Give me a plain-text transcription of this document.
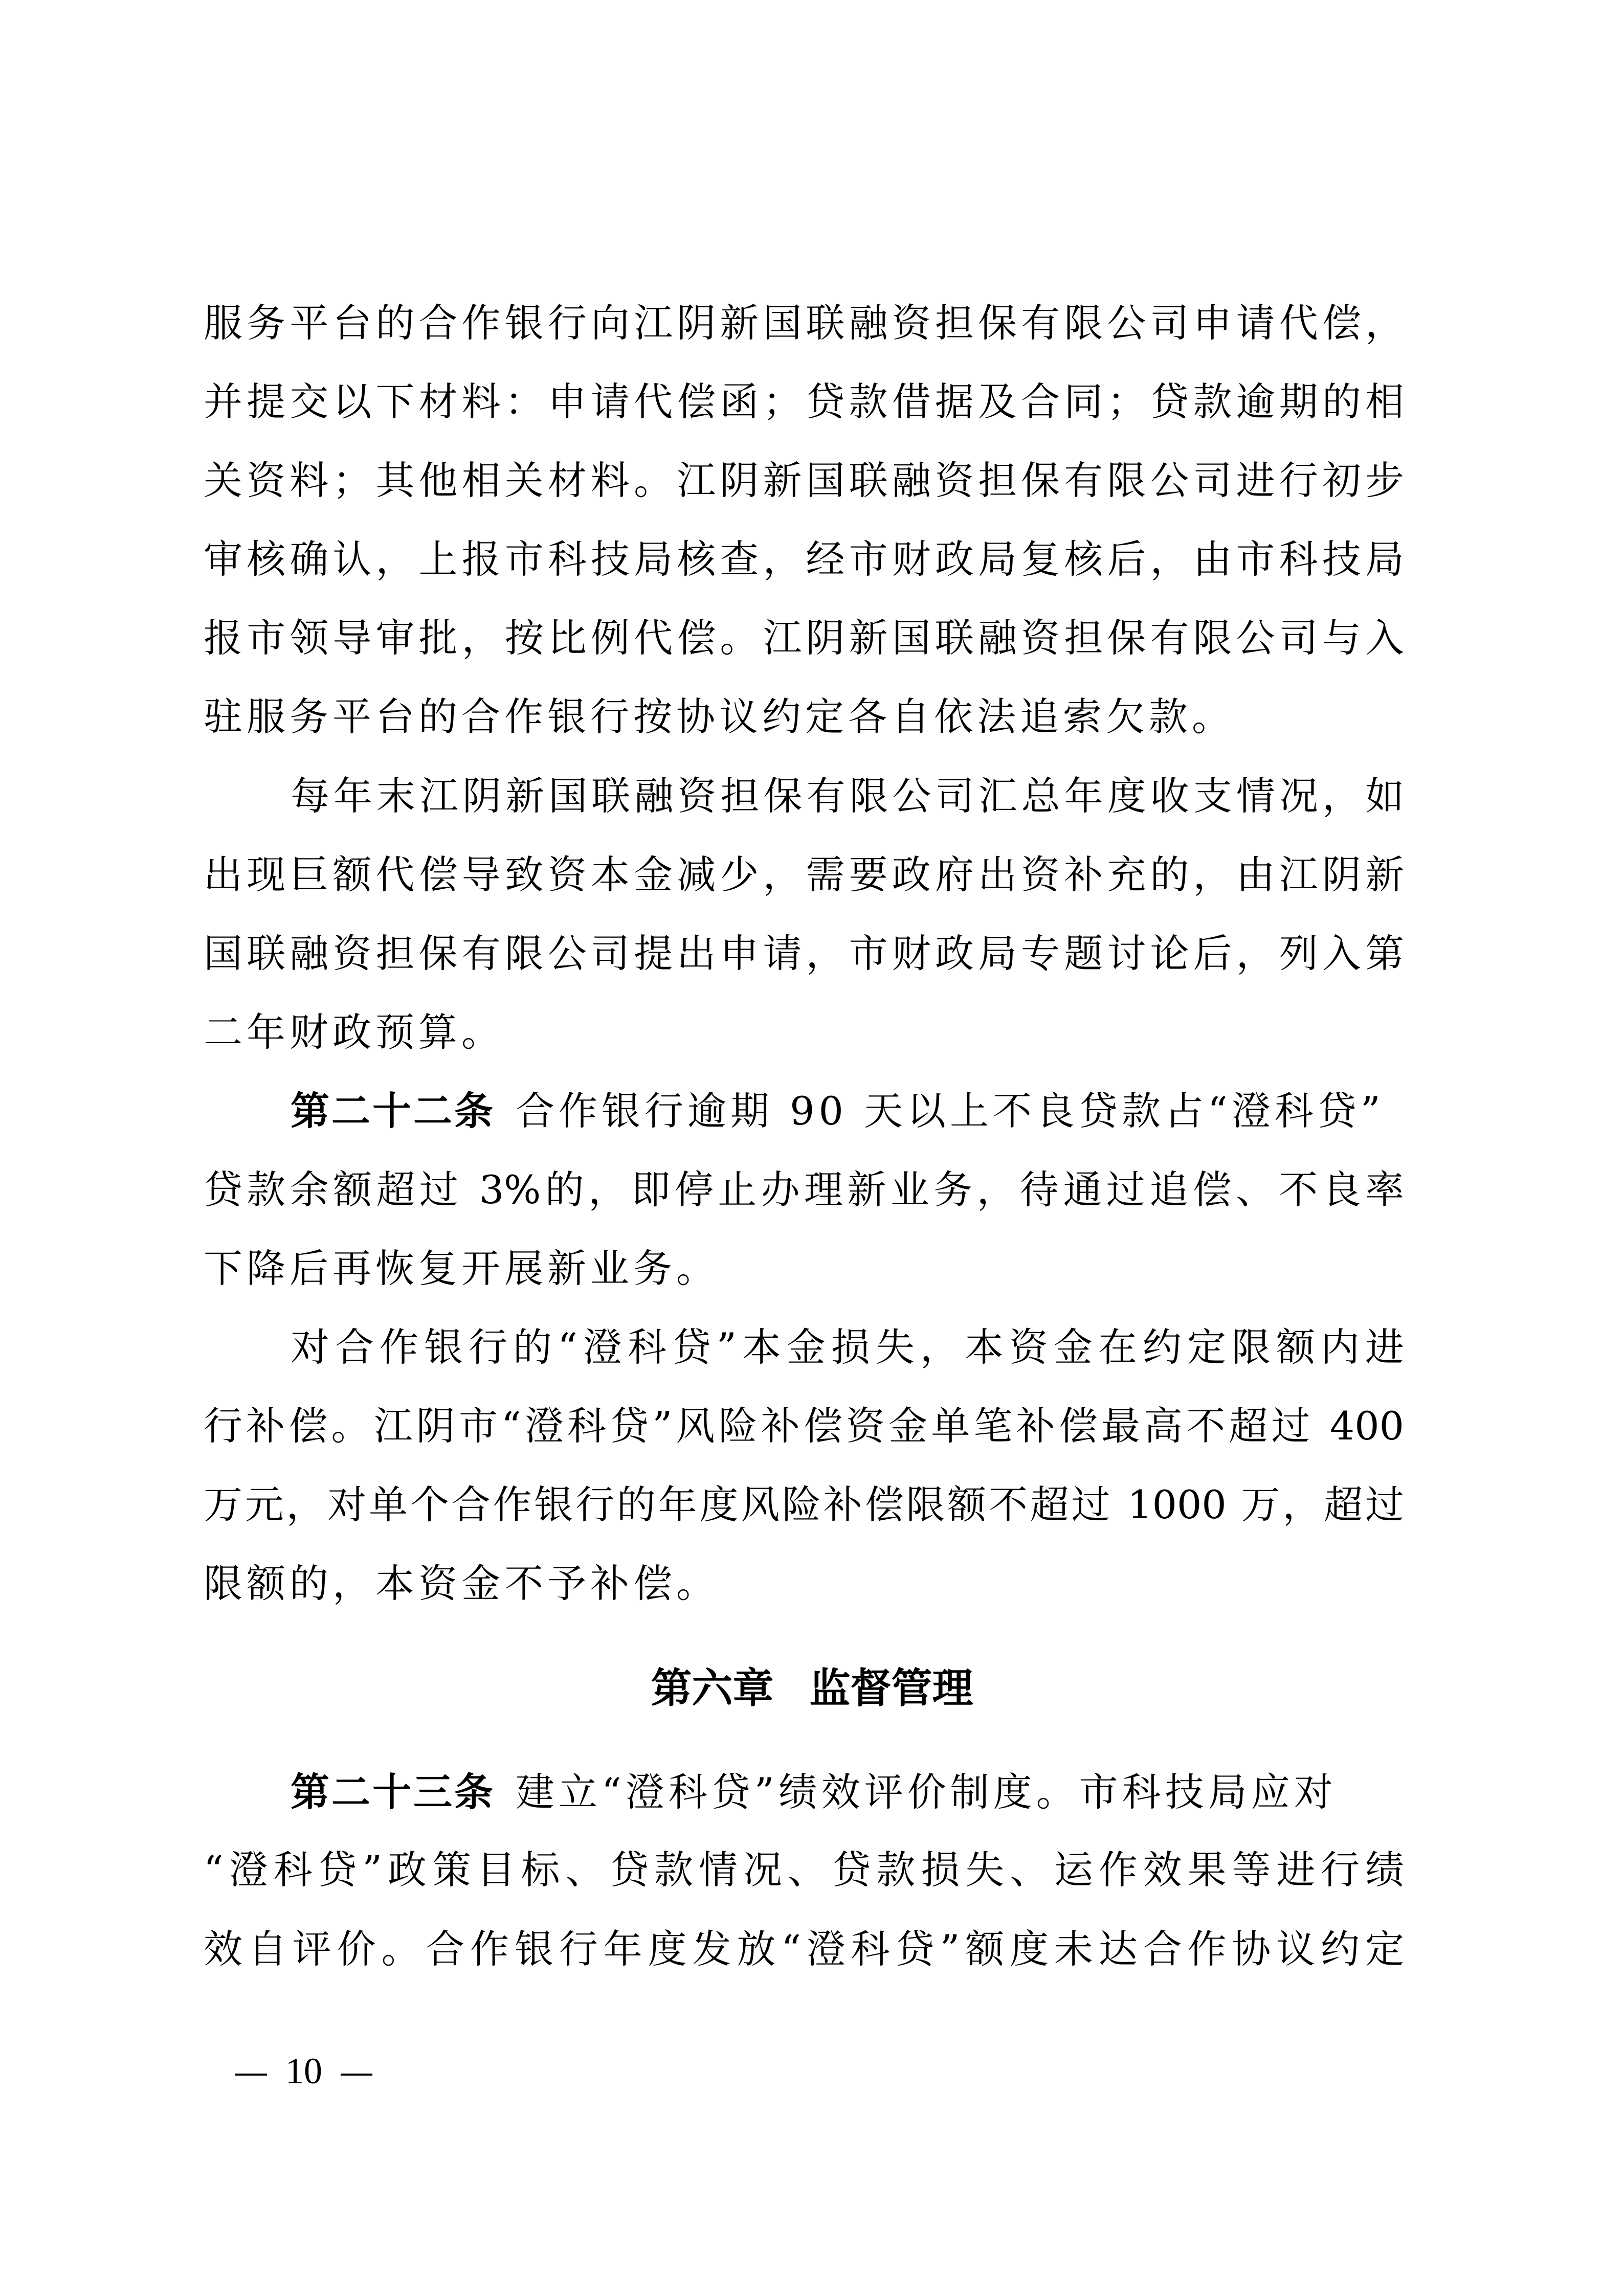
服务平台的合作银行向江阴新国联融资担保有限公司申请代偿，
并提交以下材料：申请代偿函；贷款借据及合同；贷款逾期的相
关资料；其他相关材料。江阴新国联融资担保有限公司进行初步
审核确认，上报市科技局核查，经市财政局复核后，由市科技局
报市领导审批，按比例代偿。江阴新国联融资担保有限公司与入
驻服务平台的合作银行按协议约定各自依法追索欠款。
每年末江阴新国联融资担保有限公司汇总年度收支情况，如
出现巨额代偿导致资本金减少，需要政府出资补充的，由江阴新
国联融资担保有限公司提出申请，市财政局专题讨论后，列入第
二年财政预算。
第二十二条 合作银行逾期 90 天以上不良贷款占“澄科贷”
贷款余额超过 3%的，即停止办理新业务，待通过追偿、不良率
下降后再恢复开展新业务。
对合作银行的“澄科贷”本金损失，本资金在约定限额内进
行补偿。江阴市“澄科贷”风险补偿资金单笔补偿最高不超过 400
万元，对单个合作银行的年度风险补偿限额不超过 1000 万，超过
限额的，本资金不予补偿。
第六章 监督管理
第二十三条 建立“澄科贷”绩效评价制度。市科技局应对
“澄科贷”政策目标、贷款情况、贷款损失、运作效果等进行绩
效自评价。合作银行年度发放“澄科贷”额度未达合作协议约定
10
